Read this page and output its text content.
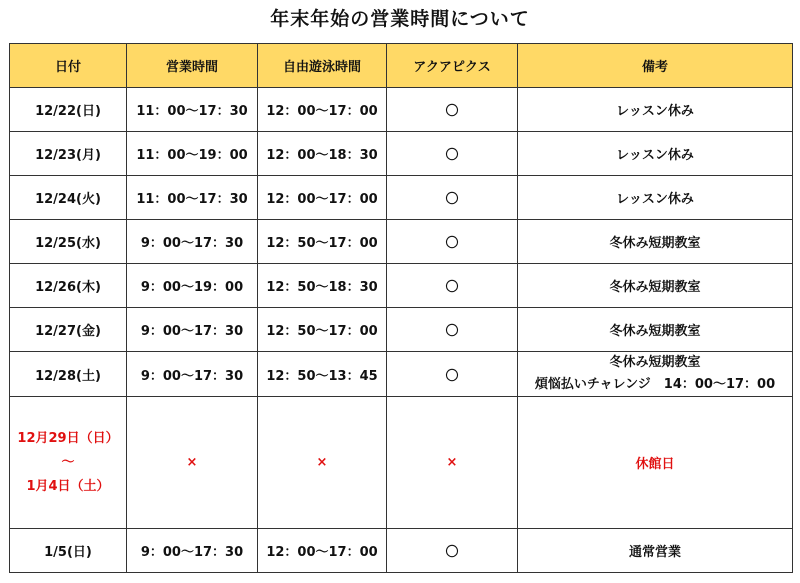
年末年始の営業時間について
日付	営業時間	自由遊泳時間	アクアピクス	備考
12/22(日)	11：00～17：30	12：00～17：00	〇	レッスン休み
12/23(月)	11：00～19：00	12：00～18：30	〇	レッスン休み
12/24(火)	11：00～17：30	12：00～17：00	〇	レッスン休み
12/25(水)	9：00～17：30	12：50～17：00	〇	冬休み短期教室
12/26(木)	9：00～19：00	12：50～18：30	〇	冬休み短期教室
12/27(金)	9：00～17：30	12：50～17：00	〇	冬休み短期教室
12/28(土)	9：00～17：30	12：50～13：45	〇	冬休み短期教室
煩悩払いチャレンジ　14：00～17：00

12月29日（日）
～
1月4日（土）	×	×	×	休館日
1/5(日)	9：00～17：30	12：00～17：00	〇	通常営業
